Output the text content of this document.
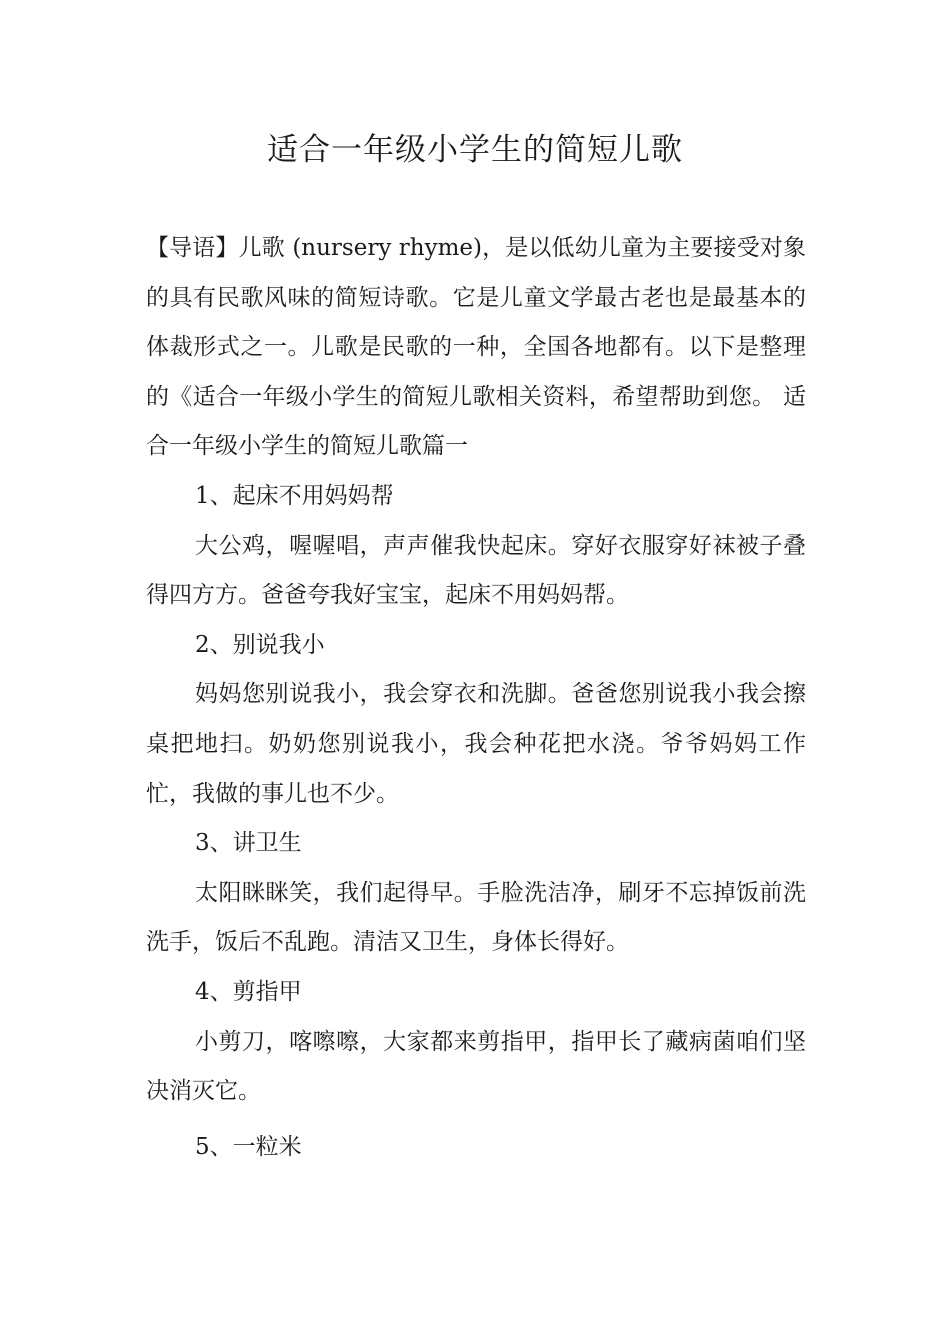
适合一年级小学生的简短儿歌

【导语】儿歌 (nursery rhyme)，是以低幼儿童为主要接受对象的具有民歌风味的简短诗歌。它是儿童文学最古老也是最基本的体裁形式之一。儿歌是民歌的一种，全国各地都有。以下是整理的《适合一年级小学生的简短儿歌相关资料，希望帮助到您。 适合一年级小学生的简短儿歌篇一

1、起床不用妈妈帮

大公鸡，喔喔唱，声声催我快起床。穿好衣服穿好袜被子叠得四方方。爸爸夸我好宝宝，起床不用妈妈帮。

2、别说我小

妈妈您别说我小，我会穿衣和洗脚。爸爸您别说我小我会擦桌把地扫。奶奶您别说我小，我会种花把水浇。爷爷妈妈工作忙，我做的事儿也不少。

3、讲卫生

太阳眯眯笑，我们起得早。手脸洗洁净，刷牙不忘掉饭前洗洗手，饭后不乱跑。清洁又卫生，身体长得好。

4、剪指甲

小剪刀，喀嚓嚓，大家都来剪指甲，指甲长了藏病菌咱们坚决消灭它。

5、一粒米
